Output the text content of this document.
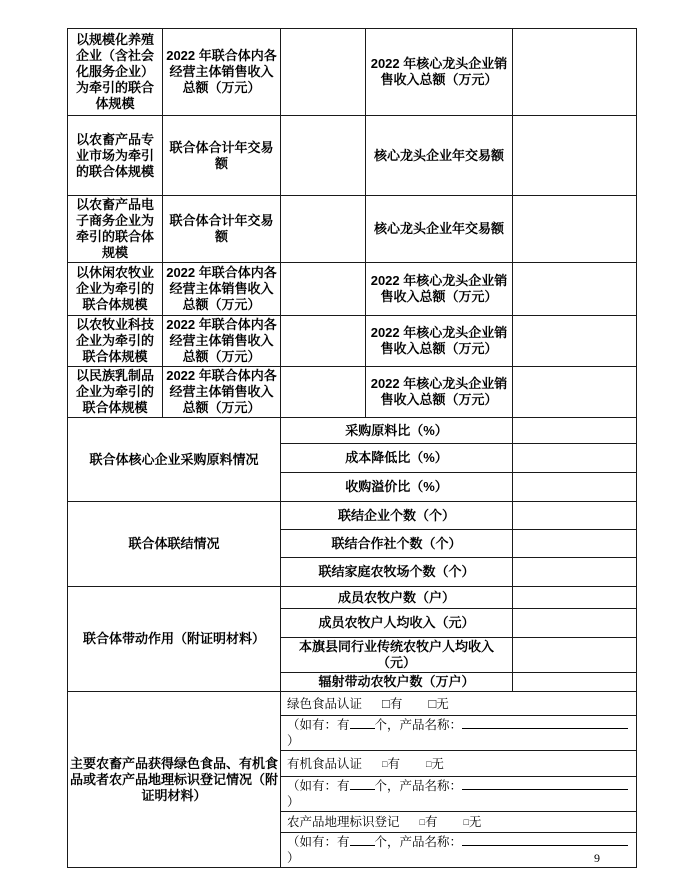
以规模化养殖企业（含社会化服务企业）为牵引的联合体规模	2022 年联合体内各经营主体销售收入总额（万元）		2022 年核心龙头企业销售收入总额（万元）	
以农畜产品专业市场为牵引的联合体规模	联合体合计年交易额		核心龙头企业年交易额	
以农畜产品电子商务企业为牵引的联合体规模	联合体合计年交易额		核心龙头企业年交易额	
以休闲农牧业企业为牵引的联合体规模	2022 年联合体内各经营主体销售收入总额（万元）		2022 年核心龙头企业销售收入总额（万元）	
以农牧业科技企业为牵引的联合体规模	2022 年联合体内各经营主体销售收入总额（万元）		2022 年核心龙头企业销售收入总额（万元）	
以民族乳制品企业为牵引的联合体规模	2022 年联合体内各经营主体销售收入总额（万元）		2022 年核心龙头企业销售收入总额（万元）	
联合体核心企业采购原料情况		采购原料比（%）		
		成本降低比（%）		
		收购溢价比（%）		
联合体联结情况		联结企业个数（个）		
		联结合作社个数（个）		
		联结家庭农牧场个数（个）		
联合体带动作用（附证明材料）		成员农牧户数（户）		
		成员农牧户人均收入（元）		
		本旗县同行业传统农牧户人均收入（元）		
		辐射带动农牧户数（万户）		
主要农畜产品获得绿色食品、有机食品或者农产品地理标识登记情况（附证明材料）		绿色食品认证 □有 □无		
		（如有：有 个，产品名称：）		
		有机食品认证 □有 □无		
		（如有：有 个，产品名称：）		
		农产品地理标识登记 □有 □无		
		（如有：有 个，产品名称：）			9
